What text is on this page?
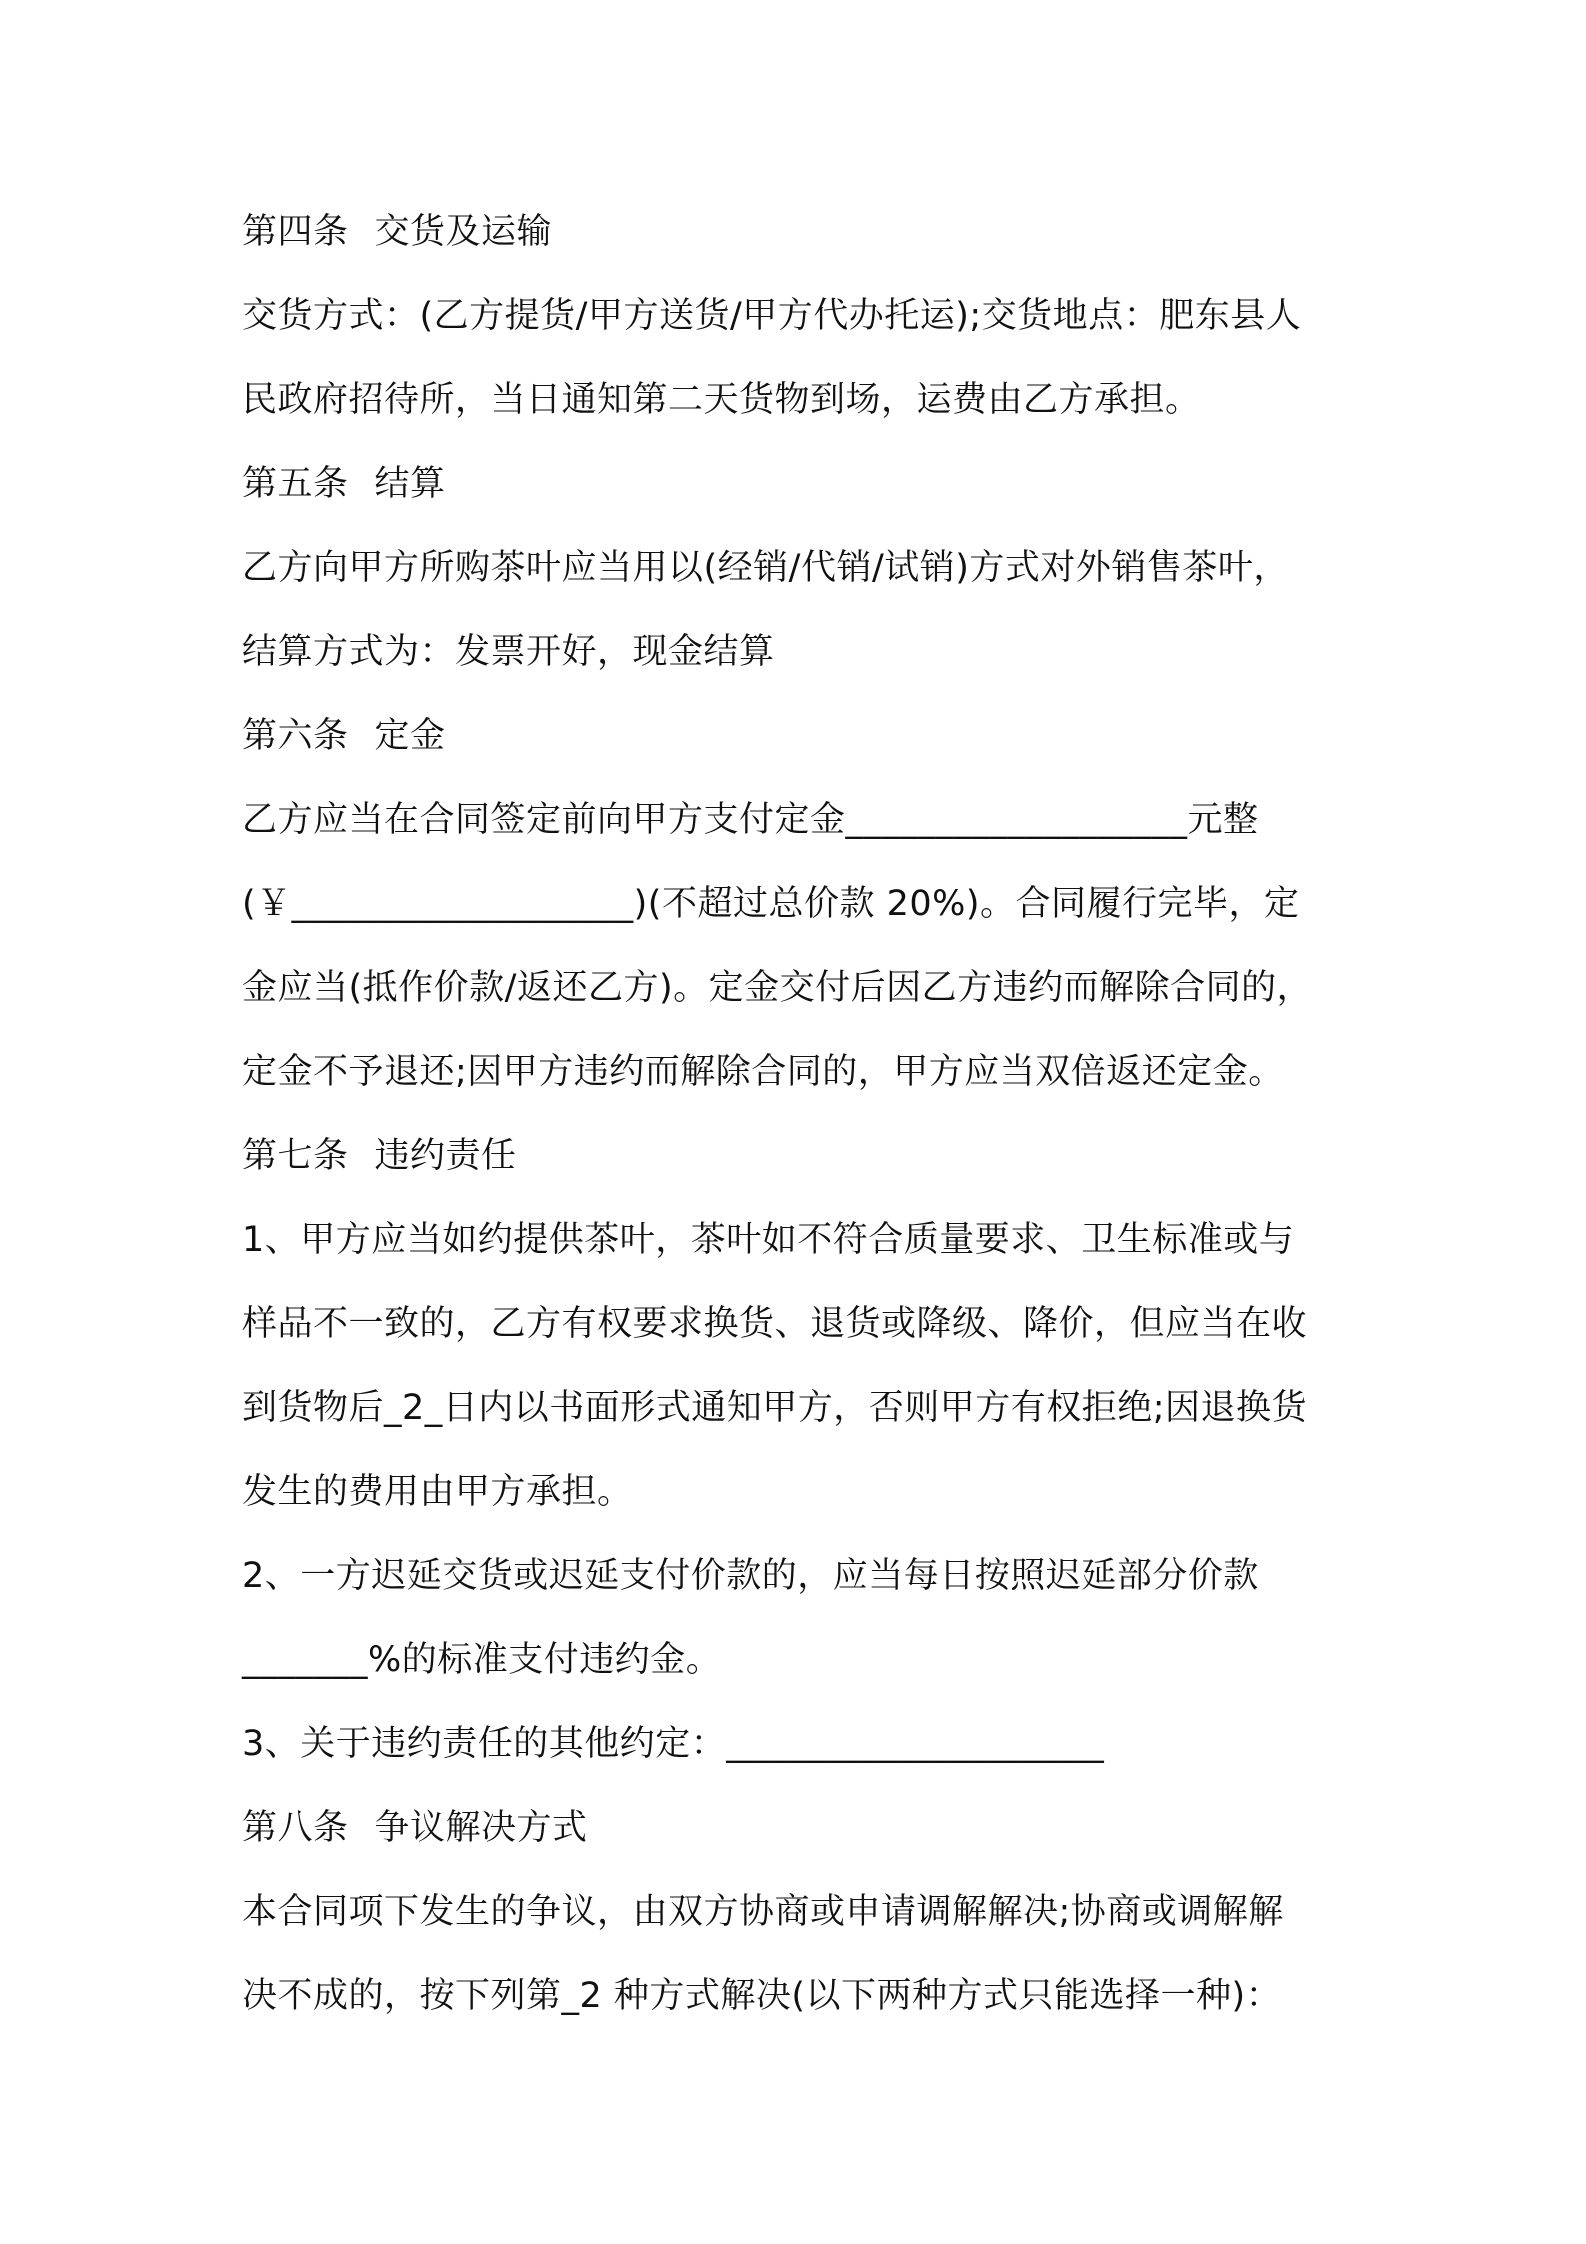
第四条 交货及运输
交货方式：(乙方提货/甲方送货/甲方代办托运);交货地点：肥东县人
民政府招待所，当日通知第二天货物到场，运费由乙方承担。
第五条 结算
乙方向甲方所购茶叶应当用以(经销/代销/试销)方式对外销售茶叶，
结算方式为：发票开好，现金结算
第六条 定金
乙方应当在合同签定前向甲方支付定金___________________元整
(￥___________________)(不超过总价款 20%)。合同履行完毕，定
金应当(抵作价款/返还乙方)。定金交付后因乙方违约而解除合同的，
定金不予退还;因甲方违约而解除合同的，甲方应当双倍返还定金。
第七条 违约责任
1、甲方应当如约提供茶叶，茶叶如不符合质量要求、卫生标准或与
样品不一致的，乙方有权要求换货、退货或降级、降价，但应当在收
到货物后_2_日内以书面形式通知甲方，否则甲方有权拒绝;因退换货
发生的费用由甲方承担。
2、一方迟延交货或迟延支付价款的，应当每日按照迟延部分价款
_______%的标准支付违约金。
3、关于违约责任的其他约定：_____________________
第八条 争议解决方式
本合同项下发生的争议，由双方协商或申请调解解决;协商或调解解
决不成的，按下列第_2 种方式解决(以下两种方式只能选择一种)：
